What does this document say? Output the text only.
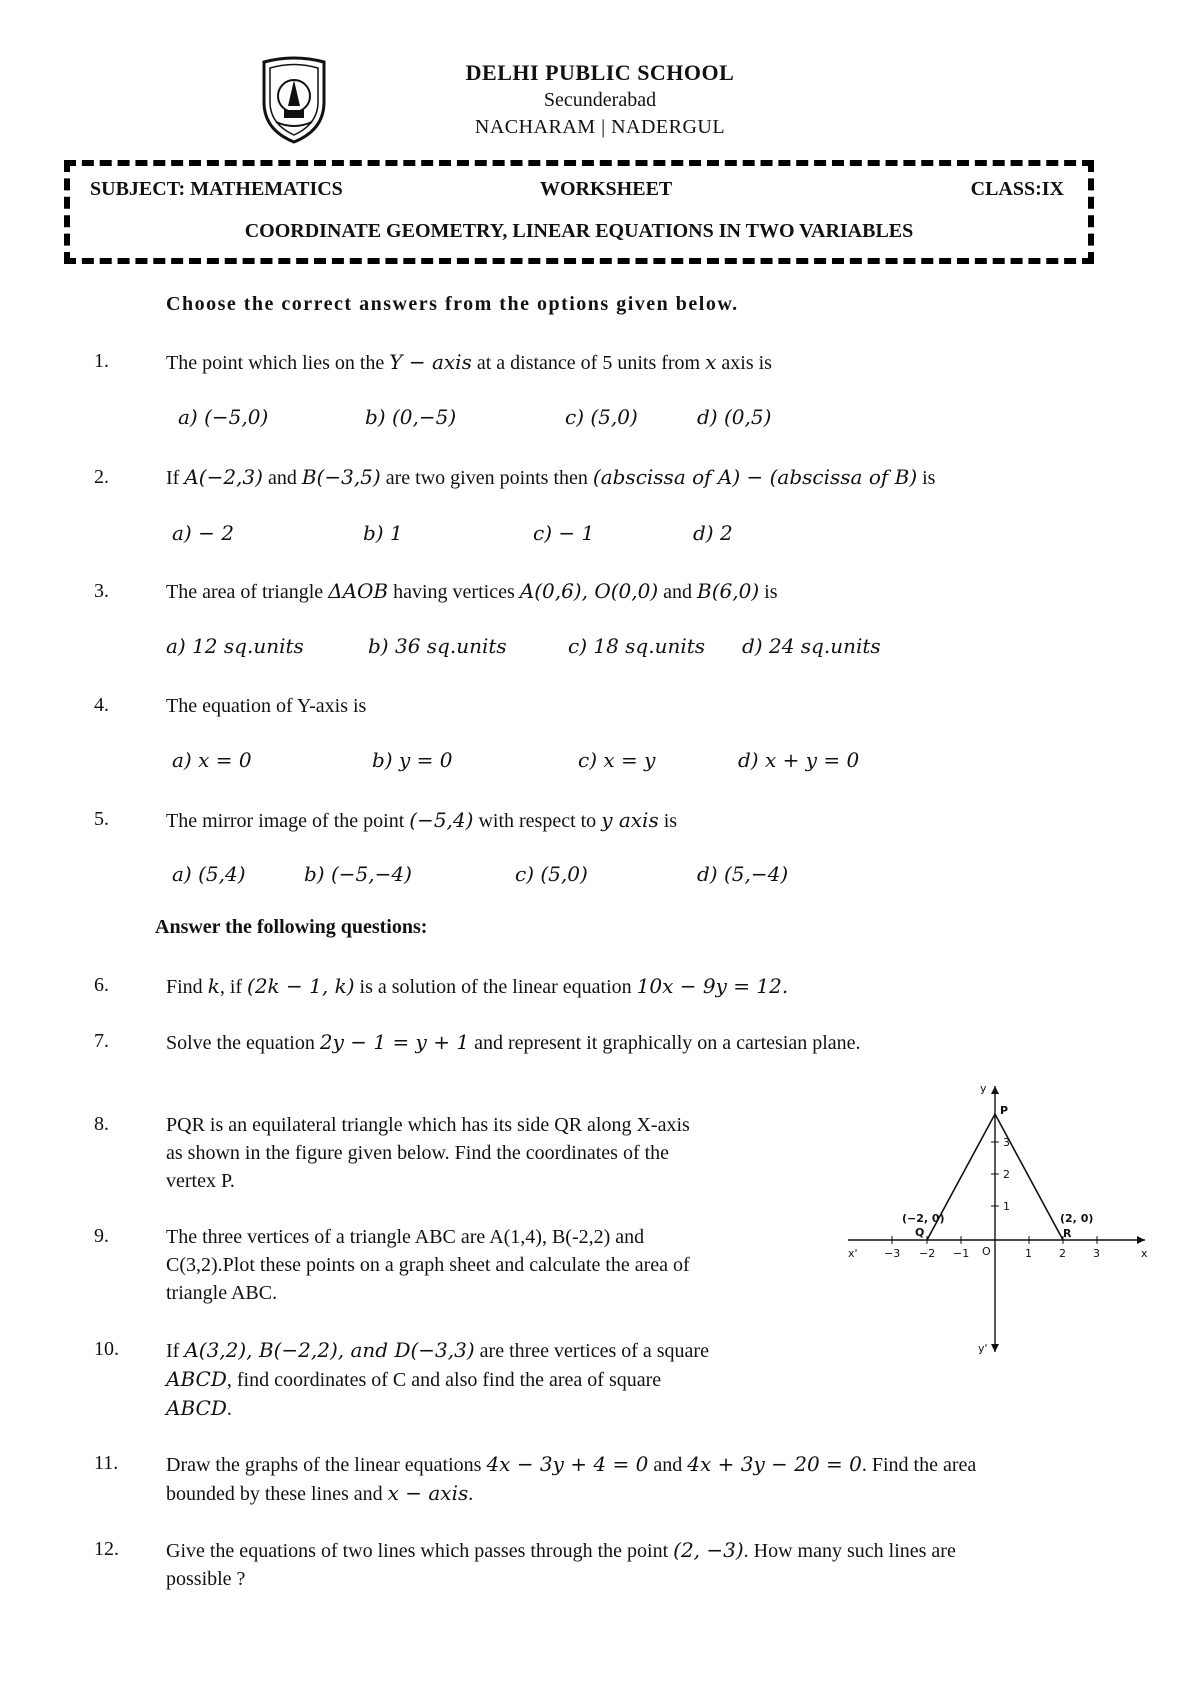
DELHI PUBLIC SCHOOL
Secunderabad
NACHARAM | NADERGUL
SUBJECT: MATHEMATICS	WORKSHEET	CLASS:IX
COORDINATE GEOMETRY, LINEAR EQUATIONS IN TWO VARIABLES
Choose the correct answers from the options given below.
1.	The point which lies on the Y − axis at a distance of 5 units from x axis is
a) (−5,0)	b) (0,−5)	c) (5,0)	d) (0,5)
2.	If A(−2,3) and B(−3,5) are two given points then (abscissa of A) − (abscissa of B) is
a) − 2	b) 1	c) − 1	d) 2
3.	The area of triangle ΔAOB having vertices A(0,6), O(0,0) and B(6,0) is
a) 12 sq.units	b) 36 sq.units	c) 18 sq.units d) 24 sq.units
4.	The equation of Y-axis is
a) x = 0	b) y = 0	c) x = y	d) x + y = 0
5.	The mirror image of the point (−5,4) with respect to y axis is
a) (5,4)	b) (−5,−4)	c) (5,0)	d) (5,−4)
Answer the following questions:
6.	Find k, if (2k − 1, k) is a solution of the linear equation 10x − 9y = 12.
7.	Solve the equation 2y − 1 = y + 1 and represent it graphically on a cartesian plane.
8.	PQR is an equilateral triangle which has its side QR along X-axis
as shown in the figure given below. Find the coordinates of the
vertex P.
9.	The three vertices of a triangle ABC are A(1,4), B(-2,2) and
C(3,2).Plot these points on a graph sheet and calculate the area of
triangle ABC.
10. If A(3,2), B(−2,2), and D(−3,3) are three vertices of a square
ABCD, find coordinates of C and also find the area of square
ABCD.
11. Draw the graphs of the linear equations 4x − 3y + 4 = 0 and 4x + 3y − 20 = 0. Find the area
bounded by these lines and x − axis.
12. Give the equations of two lines which passes through the point (2, −3). How many such lines are
possible ?
y
y'
x
x'	O
P
Q	R
(−2, 0)	(2, 0)
−3 −2 −1	1 2 3
1
2
3
